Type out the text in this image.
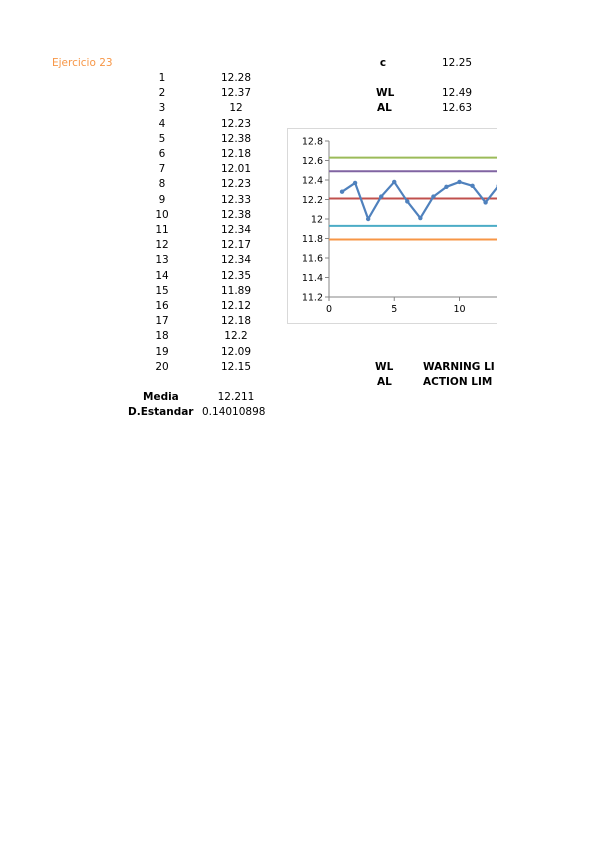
Ejercicio 23
1	12.28
2	12.37
3	12
4	12.23
5	12.38
6	12.18
7	12.01
8	12.23
9	12.33
10	12.38
11	12.34
12	12.17
13	12.34
14	12.35
15	11.89
16	12.12
17	12.18
18	12.2
19	12.09
20	12.15
Media	12.211
D.Estandar 0.14010898
c	12.25
WL	12.49
AL	12.63
11.2
11.4
11.6
11.8
12
12.2
12.4
12.6
12.8
0	5	10
WL	WARNING LI
AL	ACTION LIM
